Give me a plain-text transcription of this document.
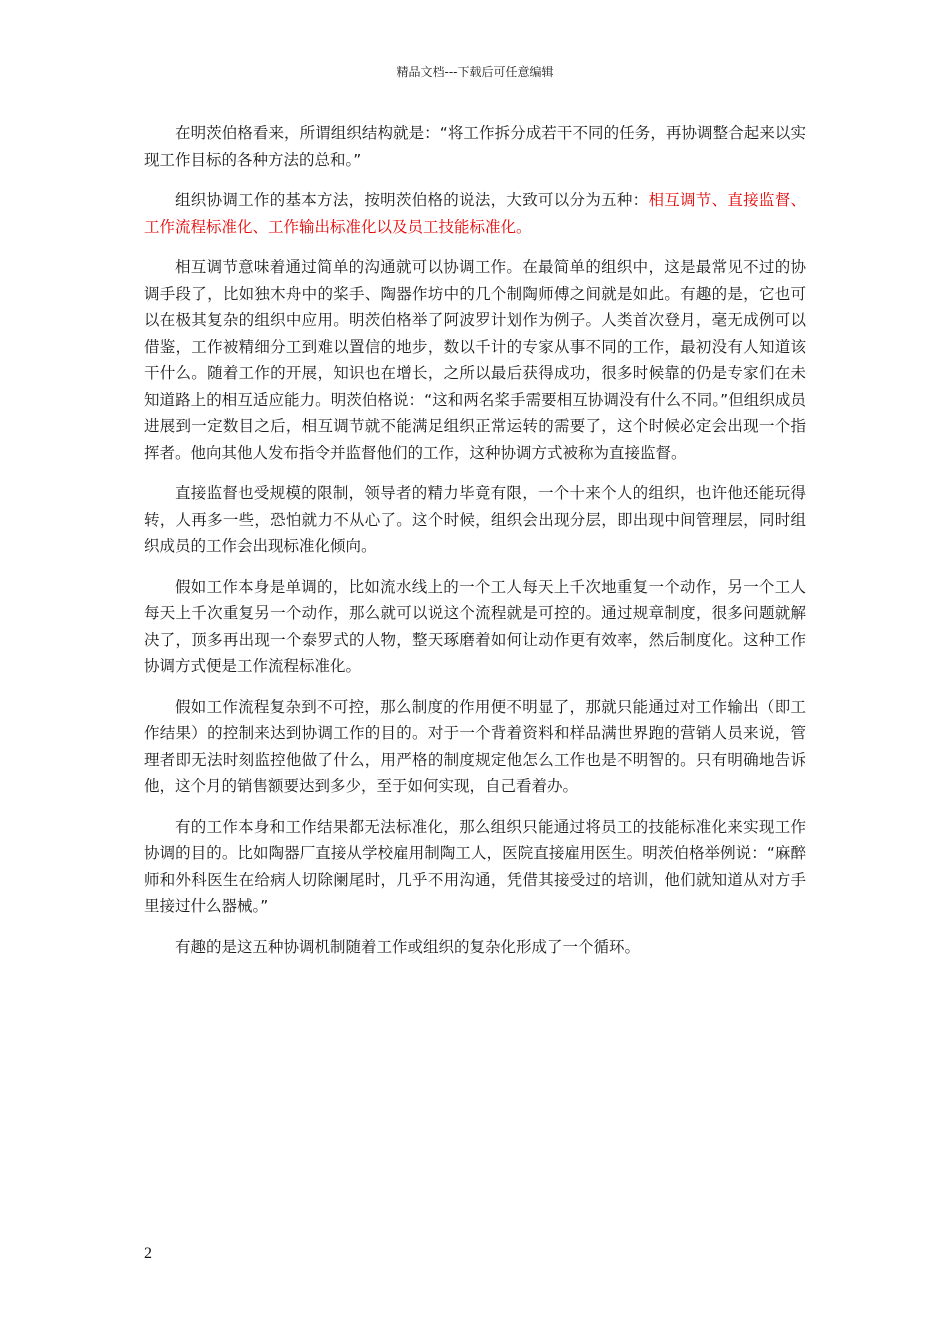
精品文档---下载后可任意编辑

在明茨伯格看来，所谓组织结构就是：“将工作拆分成若干不同的任务，再协调整合起来以实现工作目标的各种方法的总和。”

组织协调工作的基本方法，按明茨伯格的说法，大致可以分为五种：相互调节、直接监督、工作流程标准化、工作输出标准化以及员工技能标准化。

相互调节意味着通过简单的沟通就可以协调工作。在最简单的组织中，这是最常见不过的协调手段了，比如独木舟中的桨手、陶器作坊中的几个制陶师傅之间就是如此。有趣的是，它也可以在极其复杂的组织中应用。明茨伯格举了阿波罗计划作为例子。人类首次登月，毫无成例可以借鉴，工作被精细分工到难以置信的地步，数以千计的专家从事不同的工作，最初没有人知道该干什么。随着工作的开展，知识也在增长，之所以最后获得成功，很多时候靠的仍是专家们在未知道路上的相互适应能力。明茨伯格说：“这和两名桨手需要相互协调没有什么不同。”但组织成员进展到一定数目之后，相互调节就不能满足组织正常运转的需要了，这个时候必定会出现一个指挥者。他向其他人发布指令并监督他们的工作，这种协调方式被称为直接监督。

直接监督也受规模的限制，领导者的精力毕竟有限，一个十来个人的组织，也许他还能玩得转，人再多一些，恐怕就力不从心了。这个时候，组织会出现分层，即出现中间管理层，同时组织成员的工作会出现标准化倾向。

假如工作本身是单调的，比如流水线上的一个工人每天上千次地重复一个动作，另一个工人每天上千次重复另一个动作，那么就可以说这个流程就是可控的。通过规章制度，很多问题就解决了，顶多再出现一个泰罗式的人物，整天琢磨着如何让动作更有效率，然后制度化。这种工作协调方式便是工作流程标准化。

假如工作流程复杂到不可控，那么制度的作用便不明显了，那就只能通过对工作输出（即工作结果）的控制来达到协调工作的目的。对于一个背着资料和样品满世界跑的营销人员来说，管理者即无法时刻监控他做了什么，用严格的制度规定他怎么工作也是不明智的。只有明确地告诉他，这个月的销售额要达到多少，至于如何实现，自己看着办。

有的工作本身和工作结果都无法标准化，那么组织只能通过将员工的技能标准化来实现工作协调的目的。比如陶器厂直接从学校雇用制陶工人，医院直接雇用医生。明茨伯格举例说：“麻醉师和外科医生在给病人切除阑尾时，几乎不用沟通，凭借其接受过的培训，他们就知道从对方手里接过什么器械。”

有趣的是这五种协调机制随着工作或组织的复杂化形成了一个循环。

2
